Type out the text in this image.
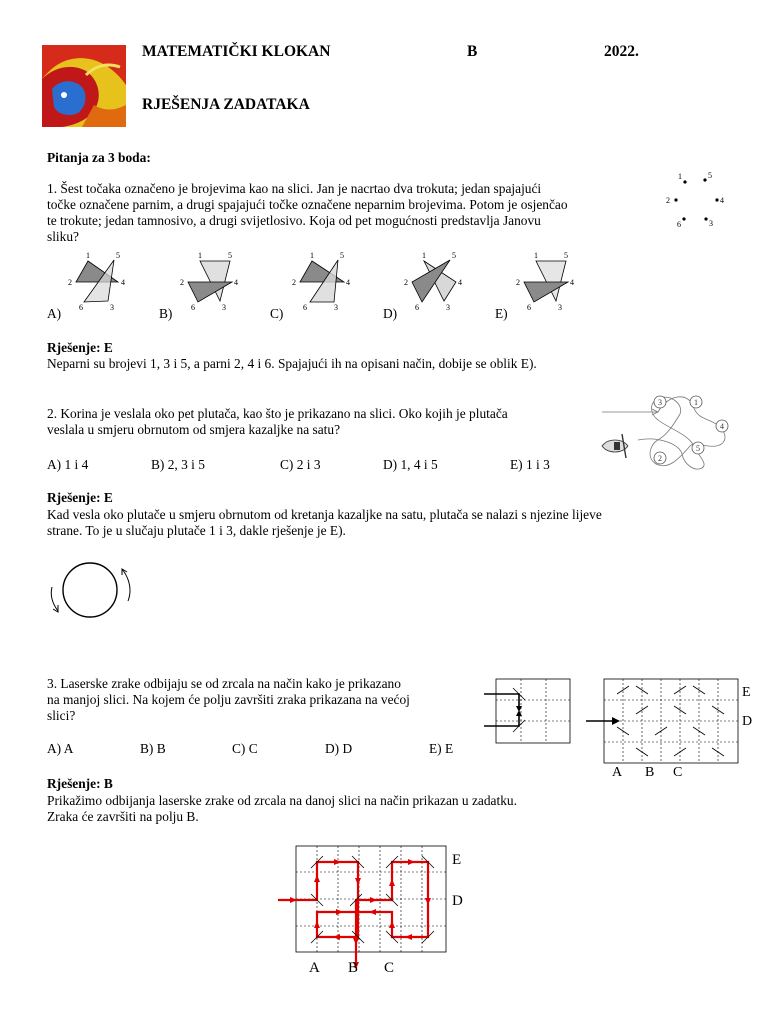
MATEMATIČKI KLOKAN	B	2022.
RJEŠENJA ZADATAKA
Pitanja za 3 boda:
1. Šest točaka označeno je brojevima kao na slici. Jan je nacrtao dva trokuta; jedan spajajući
točke označene parnim, a drugi spajajući točke označene neparnim brojevima. Potom je osjenčao
te trokute; jedan tamnosivo, a drugi svijetlosivo. Koja od pet mogućnosti predstavlja Janovu
sliku?
1	5
2	4
6	3
1	5
2	4
6	3
1	5
2	4
6	3
1	5
2	4
6	3
1	5
2	4
6	3
1	5
2	4
6	3
A)	B)	C)	D)	E)
Rješenje: E
Neparni su brojevi 1, 3 i 5, a parni 2, 4 i 6. Spajajući ih na opisani način, dobije se oblik E).
2. Korina je veslala oko pet plutača, kao što je prikazano na slici. Oko kojih je plutača
veslala u smjeru obrnutom od smjera kazaljke na satu?
3	1
4
5
2
A) 1 i 4	B) 2, 3 i 5	C) 2 i 3	D) 1, 4 i 5	E) 1 i 3
Rješenje: E
Kad vesla oko plutače u smjeru obrnutom od kretanja kazaljke na satu, plutača se nalazi s njezine lijeve
strane. To je u slučaju plutače 1 i 3, dakle rješenje je E).
3. Laserske zrake odbijaju se od zrcala na način kako je prikazano
na manjoj slici. Na kojem će polju završiti zraka prikazana na većoj
slici?
E
D
A B C
A) A	B) B	C) C	D) D	E) E
Rješenje: B
Prikažimo odbijanja laserske zrake od zrcala na danoj slici na način prikazan u zadatku.
Zraka će završiti na polju B.
E
D
A B C
